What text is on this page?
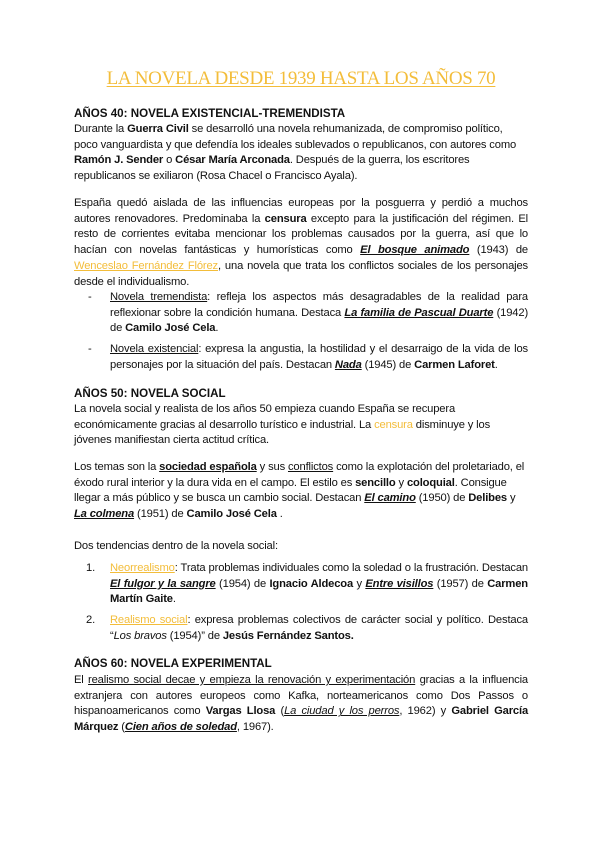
LA NOVELA DESDE 1939 HASTA LOS AÑOS 70
AÑOS 40: NOVELA EXISTENCIAL-TREMENDISTA

Durante la Guerra Civil se desarrolló una novela rehumanizada, de compromiso político, poco vanguardista y que defendía los ideales sublevados o republicanos, con autores como Ramón J. Sender o César María Arconada. Después de la guerra, los escritores republicanos se exiliaron (Rosa Chacel o Francisco Ayala).

España quedó aislada de las influencias europeas por la posguerra y perdió a muchos autores renovadores. Predominaba la censura excepto para la justificación del régimen. El resto de corrientes evitaba mencionar los problemas causados por la guerra, así que lo hacían con novelas fantásticas y humorísticas como El bosque animado (1943) de Wenceslao Fernández Flórez, una novela que trata los conflictos sociales de los personajes desde el individualismo.

- Novela tremendista: refleja los aspectos más desagradables de la realidad para reflexionar sobre la condición humana. Destaca La familia de Pascual Duarte (1942) de Camilo José Cela.
- Novela existencial: expresa la angustia, la hostilidad y el desarraigo de la vida de los personajes por la situación del país. Destacan Nada (1945) de Carmen Laforet.
AÑOS 50: NOVELA SOCIAL

La novela social y realista de los años 50 empieza cuando España se recupera económicamente gracias al desarrollo turístico e industrial. La censura disminuye y los jóvenes manifiestan cierta actitud crítica.

Los temas son la sociedad española y sus conflictos como la explotación del proletariado, el éxodo rural interior y la dura vida en el campo. El estilo es sencillo y coloquial. Consigue llegar a más público y se busca un cambio social. Destacan El camino (1950) de Delibes y La colmena (1951) de Camilo José Cela .

Dos tendencias dentro de la novela social:

1. Neorrealismo: Trata problemas individuales como la soledad o la frustración. Destacan El fulgor y la sangre (1954) de Ignacio Aldecoa y Entre visillos (1957) de Carmen Martín Gaite.
2. Realismo social: expresa problemas colectivos de carácter social y político. Destaca “Los bravos (1954)” de Jesús Fernández Santos.
AÑOS 60: NOVELA EXPERIMENTAL

El realismo social decae y empieza la renovación y experimentación gracias a la influencia extranjera con autores europeos como Kafka, norteamericanos como Dos Passos o hispanoamericanos como Vargas Llosa (La ciudad y los perros, 1962) y Gabriel García Márquez (Cien años de soledad, 1967).
